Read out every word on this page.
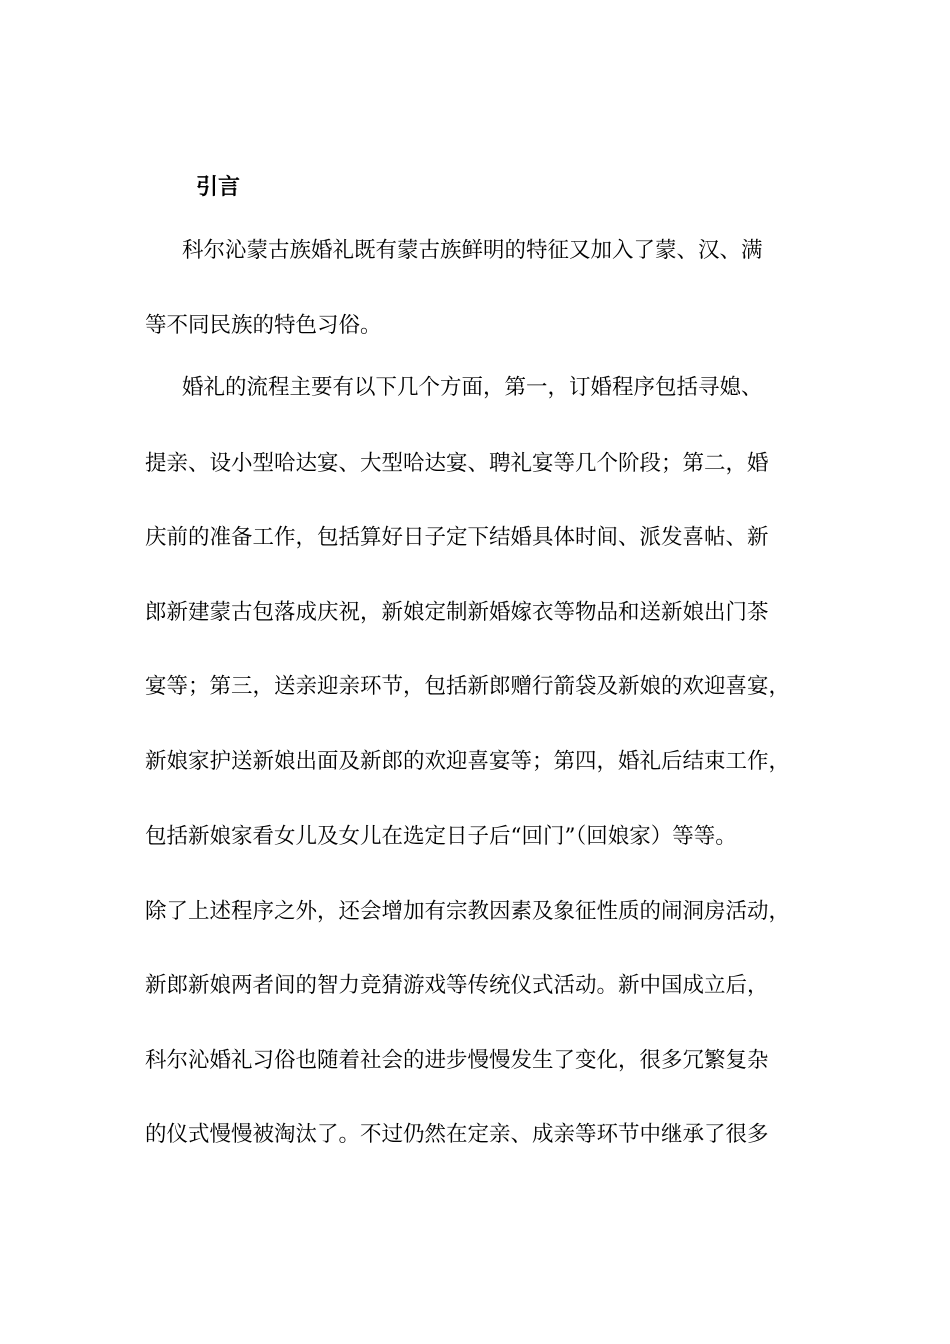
引言
科尔沁蒙古族婚礼既有蒙古族鲜明的特征又加入了蒙、汉、满
等不同民族的特色习俗。
婚礼的流程主要有以下几个方面，第一，订婚程序包括寻媳、
提亲、设小型哈达宴、大型哈达宴、聘礼宴等几个阶段；第二，婚
庆前的准备工作，包括算好日子定下结婚具体时间、派发喜帖、新
郎新建蒙古包落成庆祝，新娘定制新婚嫁衣等物品和送新娘出门茶
宴等；第三，送亲迎亲环节，包括新郎赠行箭袋及新娘的欢迎喜宴，
新娘家护送新娘出面及新郎的欢迎喜宴等；第四，婚礼后结束工作，
包括新娘家看女儿及女儿在选定日子后“回门”（回娘家）等等。
除了上述程序之外，还会增加有宗教因素及象征性质的闹洞房活动，
新郎新娘两者间的智力竞猜游戏等传统仪式活动。新中国成立后，
科尔沁婚礼习俗也随着社会的进步慢慢发生了变化，很多冗繁复杂
的仪式慢慢被淘汰了。不过仍然在定亲、成亲等环节中继承了很多
